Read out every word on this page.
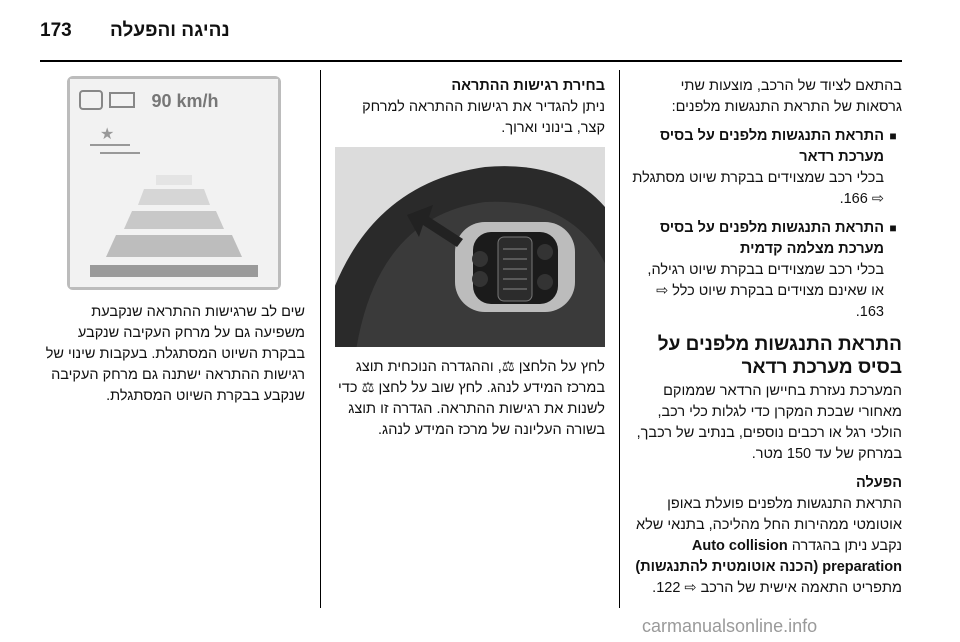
173 נהיגה והפעלה

בהתאם לצ‏יוד של הרכב, מוצעות שתי גרסאות של התראת התנגשות מלפנים:

■
התראת התנגשות מלפנים על בסיס מערכת רדאר

בכלי רכב שמצוידים בבקרת שיוט מסתגלת ⇨ 166.

■
התראת התנגשות מלפנים על בסיס מערכת מצלמה קדמית

בכלי רכב שמצוידים בבקרת שיוט רגילה, או שאינם מצוידים בבקרת שיוט כלל ⇨ 163.

התראת התנגשות מלפנים על בסיס מערכת רדאר

המערכת נעזרת בחיישן הרדאר שממוקם מאחורי שבכת המקרן כדי לגלות כלי רכב, הולכי רגל או רכבים נוספים, בנתיב של רכבך, במרחק של עד 150 מטר.

הפעלה

התראת התנגשות מלפנים פועלת באופן אוטומטי ממהירות החל מהליכה, בתנאי שלא נקבע ניתן בהגדרה Auto collision preparation (הכנה אוטומטית להתנגשות) מתפריט התאמה אישית של הרכב ⇨ 122.

בחירת רגישות ההתראה

ניתן להגדיר את רגישות ההתראה למרחק קצר, בינוני וארוך.

לחץ על הלחצן ⚖, וההגדרה הנוכחית תוצג במרכז המידע לנהג. לחץ שוב על לחצן ⚖ כדי לשנות את רגישות ההתראה. הגדרה זו תוצג בשורה העליונה של מרכז המידע לנהג.

★
90 km/h

שים לב שרגישות ההתראה שנקבעת משפיעה גם על מרחק העקיבה שנקבע בבקרת השיוט המסתגלת. בעקבות שינוי של רגישות ההתראה ישתנה גם מרחק העקיבה שנקבע בבקרת השיוט המסתגלת.

carmanualsonline.info
